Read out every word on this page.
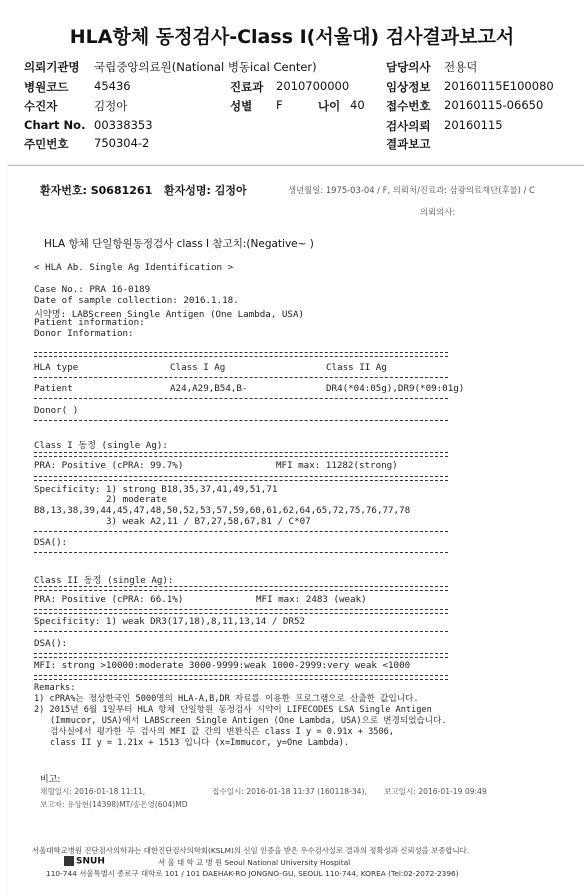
HLA항체 동정검사-Class I(서울대) 검사결과보고서
의뢰기관명 국립중앙의료원(National 병동ical Center)	담당의사 전용덕
병원코드 45436	진료과 2010700000	임상정보 20160115E100080
수진자	김정아	성별 F	나이 40 접수번호 20160115-06650
Chart No. 00338353	검사의뢰 20160115
주민번호 750304-2	결과보고
환자번호: S0681261 환자성명: 김정아	생년월일: 1975-03-04 / F, 의뢰처/진료과: 삼광의료재단(후불) / C
의뢰의사:
HLA 항체 단일항원동정검사 class I 참고치:(Negative~ )
< HLA Ab. Single Ag Identification >
Case No.: PRA 16-0189
Date of sample collection: 2016.1.18.
시약명: LABScreen Single Antigen (One Lambda, USA)
Patient information:
Donor Information:
HLA type	Class I Ag	Class II Ag
Patient	A24,A29,B54,B-	DR4(*04:05g),DR9(*09:01g)
Donor( )
Class I 동정 (single Ag):
PRA: Positive (cPRA: 99.7%)	MFI max: 11282(strong)
Specificity: 1) strong B18,35,37,41,49,51,71
2) moderate
B8,13,38,39,44,45,47,48,50,52,53,57,59,60,61,62,64,65,72,75,76,77,78
3) weak A2,11 / B7,27,58,67,81 / C*07
DSA():
Class II 동정 (single Ag):
PRA: Positive (cPRA: 66.1%)	MFI max: 2483 (weak)
Specificity: 1) weak DR3(17,18),8,11,13,14 / DR52
DSA():
MFI: strong >10000:moderate 3000-9999:weak 1000-2999:very weak <1000
Remarks:
1) cPRA%는 정상한국인 5000명의 HLA-A,B,DR 자료를 이용한 프로그램으로 산출한 값입니다.
2) 2015년 6월 1일부터 HLA 항체 단일항원 동정검사 시약이 LIFECODES LSA Single Antigen
(Immucor, USA)에서 LABScreen Single Antigen (One Lambda, USA)으로 변경되었습니다.
검사실에서 평가한 두 검사의 MFI 값 간의 변환식은 class I y = 0.91x + 3506,
class II y = 1.21x + 1513 입니다 (x=Immucor, y=One Lambda).
비고:
채혈일시: 2016-01-18 11:11,	접수일시: 2016-01-18 11:37 (160118-34), 보고일시: 2016-01-19 09:49
보고자: 유상현(14398)MT/송은영(604)MD
서울대학교병원 진단검사의학과는 대한진단검사의학회(KSLM)의 신임 인증을 받은 우수검사실로 결과의 정확성과 신뢰성을 보증합니다.
SNUH	서 울 대 학 교 병 원 Seoul National University Hospital
110-744 서울특별시 종로구 대학로 101 / 101 DAEHAK-RO JONGNO-GU, SEOUL 110-744, KOREA (Tel:02-2072-2396)
